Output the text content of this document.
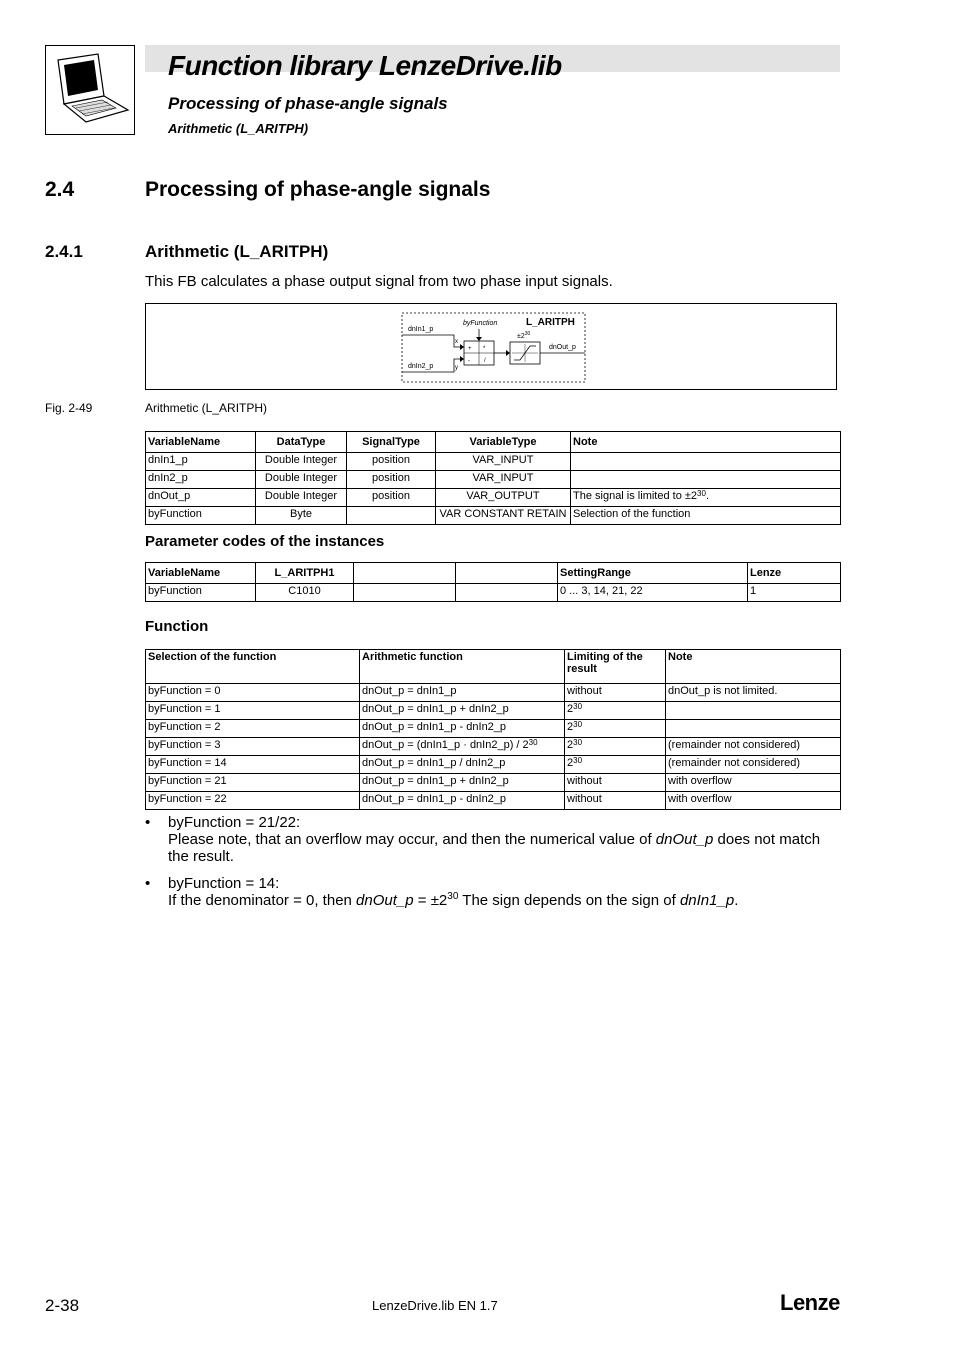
Function library LenzeDrive.lib
Processing of phase-angle signals
Arithmetic (L_ARITPH)
2.4	Processing of phase-angle signals
2.4.1	Arithmetic (L_ARITPH)
This FB calculates a phase output signal from two phase input signals.
L_ARITPH
byFunction
dnIn1_p
x
dnIn2_p	y
+ *
- /
$\pm 2^{30}$
dnOut_p
Fig. 2-49	Arithmetic (L_ARITPH)
VariableName	DataType	SignalType	VariableType	Note
dnIn1_p	Double Integer	position	VAR_INPUT	
dnIn2_p	Double Integer	position	VAR_INPUT	
dnOut_p	Double Integer	position	VAR_OUTPUT	The signal is limited to $\pm 2^{30}$.
byFunction	Byte		VAR CONSTANT RETAIN	Selection of the function
Parameter codes of the instances
VariableName	L_ARITPH1			SettingRange	Lenze
byFunction	C1010			0 ... 3, 14, 21, 22	1
Function
Selection of the function	Arithmetic function	Limiting of the result	Note
byFunction = 0	dnOut_p = dnIn1_p	without	dnOut_p is not limited.
byFunction = 1	dnOut_p = dnIn1_p + dnIn2_p	$2^{30}$	
byFunction = 2	dnOut_p = dnIn1_p - dnIn2_p	$2^{30}$	
byFunction = 3	dnOut_p = (dnIn1_p · dnIn2_p) / $2^{30}$	$2^{30}$	(remainder not considered)
byFunction = 14	dnOut_p = dnIn1_p / dnIn2_p	$2^{30}$	(remainder not considered)
byFunction = 21	dnOut_p = dnIn1_p + dnIn2_p	without	with overflow
byFunction = 22	dnOut_p = dnIn1_p - dnIn2_p	without	with overflow
• byFunction = 21/22:
Please note, that an overflow may occur, and then the numerical value of dnOut_p does not match the result.
• byFunction = 14:
If the denominator = 0, then dnOut_p = $\pm 2^{30}$ The sign depends on the sign of dnIn1_p.
2-38	LenzeDrive.lib EN 1.7	Lenze
